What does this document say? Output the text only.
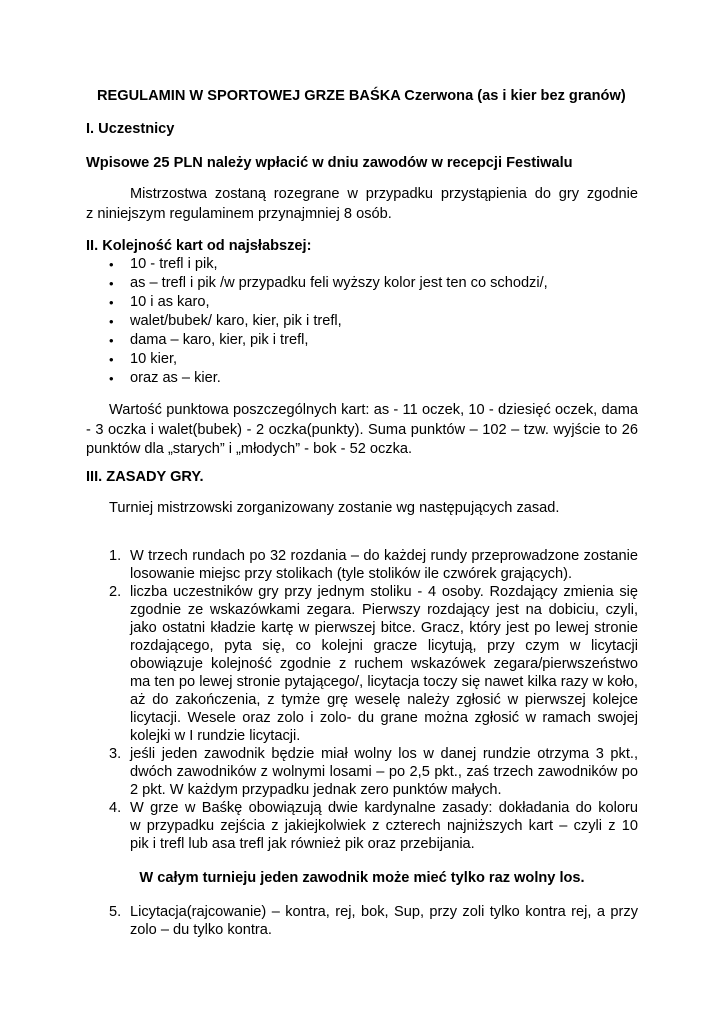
REGULAMIN W SPORTOWEJ GRZE BAŚKA Czerwona (as i kier bez granów)
I. Uczestnicy
Wpisowe 25 PLN należy wpłacić w dniu zawodów w recepcji Festiwalu
Mistrzostwa zostaną rozegrane w przypadku przystąpienia do gry zgodnie
z niniejszym regulaminem przynajmniej 8 osób.
II. Kolejność kart od najsłabszej:
• 10 - trefl i pik,
• as – trefl i pik /w przypadku feli wyższy kolor jest ten co schodzi/,
• 10 i as karo,
• walet/bubek/ karo, kier, pik i trefl,
• dama – karo, kier, pik i trefl,
• 10 kier,
• oraz as – kier.
Wartość punktowa poszczególnych kart: as - 11 oczek, 10 - dziesięć oczek, dama
- 3 oczka i walet(bubek) - 2 oczka(punkty). Suma punktów – 102 – tzw. wyjście to 26
punktów dla „starych” i „młodych” - bok - 52 oczka.
III. ZASADY GRY.
Turniej mistrzowski zorganizowany zostanie wg następujących zasad.
1. W trzech rundach po 32 rozdania – do każdej rundy przeprowadzone zostanie
losowanie miejsc przy stolikach (tyle stolików ile czwórek grających).
2. liczba uczestników gry przy jednym stoliku - 4 osoby. Rozdający zmienia się
zgodnie ze wskazówkami zegara. Pierwszy rozdający jest na dobiciu, czyli,
jako ostatni kładzie kartę w pierwszej bitce. Gracz, który jest po lewej stronie
rozdającego, pyta się, co kolejni gracze licytują, przy czym w licytacji
obowiązuje kolejność zgodnie z ruchem wskazówek zegara/pierwszeństwo
ma ten po lewej stronie pytającego/, licytacja toczy się nawet kilka razy w koło,
aż do zakończenia, z tymże grę weselę należy zgłosić w pierwszej kolejce
licytacji. Wesele oraz zolo i zolo- du grane można zgłosić w ramach swojej
kolejki w I rundzie licytacji.
3. jeśli jeden zawodnik będzie miał wolny los w danej rundzie otrzyma 3 pkt.,
dwóch zawodników z wolnymi losami – po 2,5 pkt., zaś trzech zawodników po
2 pkt. W każdym przypadku jednak zero punktów małych.
4. W grze w Baśkę obowiązują dwie kardynalne zasady: dokładania do koloru
w przypadku zejścia z jakiejkolwiek z czterech najniższych kart – czyli z 10
pik i trefl lub asa trefl jak również pik oraz przebijania.
W całym turnieju jeden zawodnik może mieć tylko raz wolny los.
5. Licytacja(rajcowanie) – kontra, rej, bok, Sup, przy zoli tylko kontra rej, a przy
zolo – du tylko kontra.
